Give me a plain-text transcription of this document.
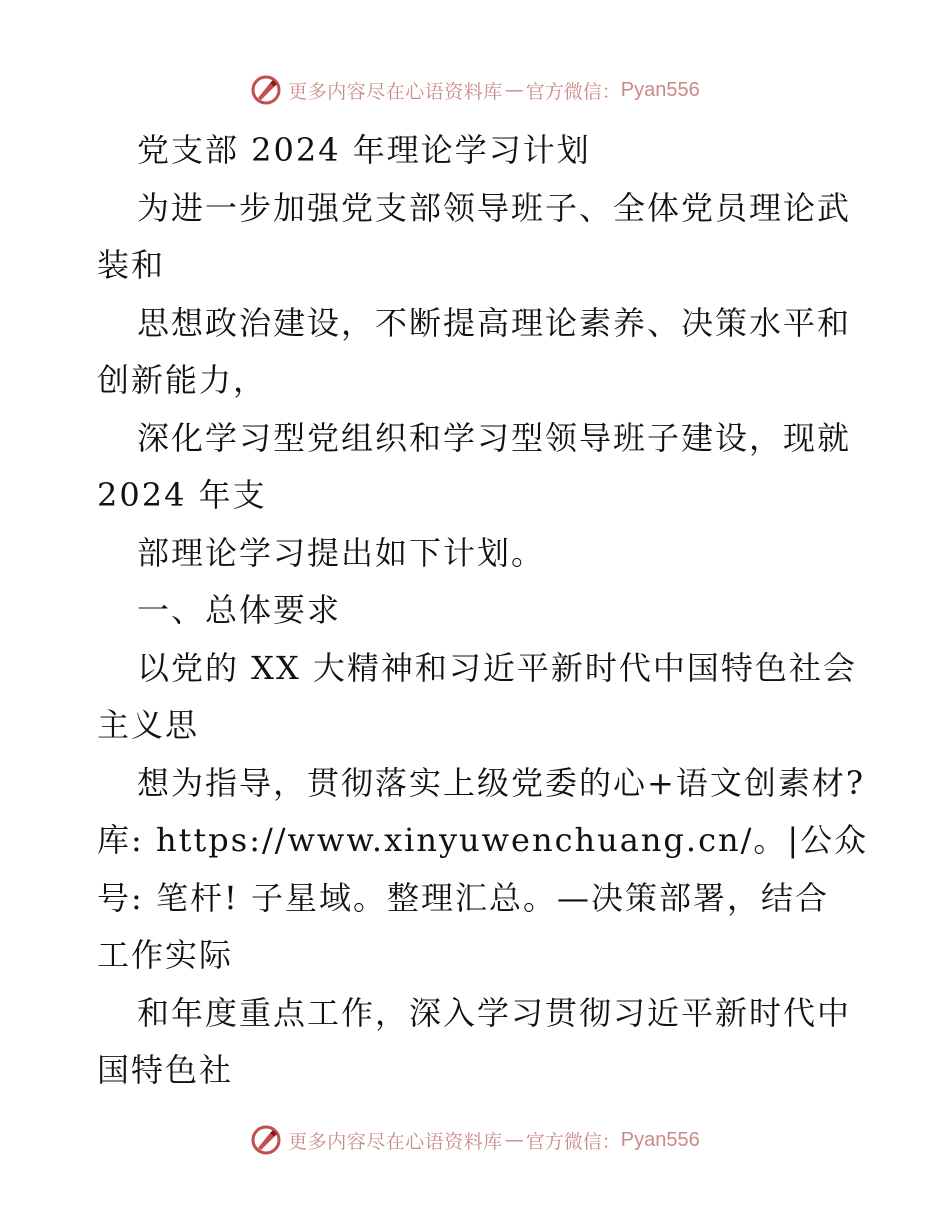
更多内容尽在心语资料库 — 官方微信： Pyan556
党支部 2024 年理论学习计划
为进一步加强党支部领导班子、全体党员理论武
装和
思想政治建设，不断提高理论素养、决策水平和
创新能力，
深化学习型党组织和学习型领导班子建设，现就
2024 年支
部理论学习提出如下计划。
一、总体要求
以党的 XX 大精神和习近平新时代中国特色社会
主义思
想为指导，贯彻落实上级党委的心+语文创素材?
库: https://www.xinyuwenchuang.cn/。|公众
号: 笔杆! 子星域。整理汇总。—决策部署，结合
工作实际
和年度重点工作，深入学习贯彻习近平新时代中
国特色社
更多内容尽在心语资料库 — 官方微信： Pyan556
